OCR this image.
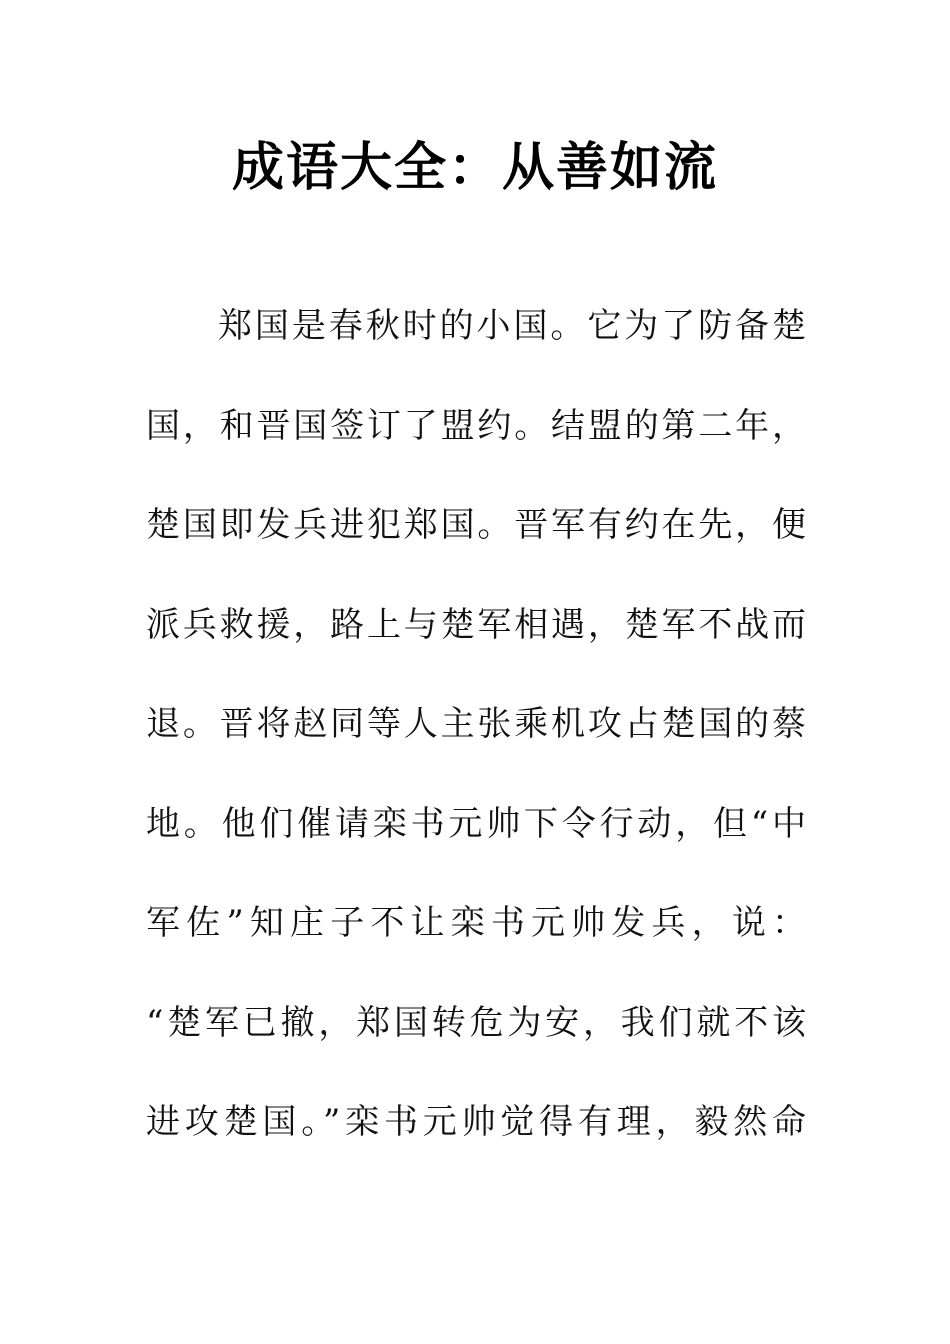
成语大全：从善如流
郑国是春秋时的小国。它为了防备楚
国，和晋国签订了盟约。结盟的第二年，
楚国即发兵进犯郑国。晋军有约在先，便
派兵救援，路上与楚军相遇，楚军不战而
退。晋将赵同等人主张乘机攻占楚国的蔡
地。他们催请栾书元帅下令行动，但“中
军佐”知庄子不让栾书元帅发兵，说：
“楚军已撤，郑国转危为安，我们就不该
进攻楚国。”栾书元帅觉得有理，毅然命
